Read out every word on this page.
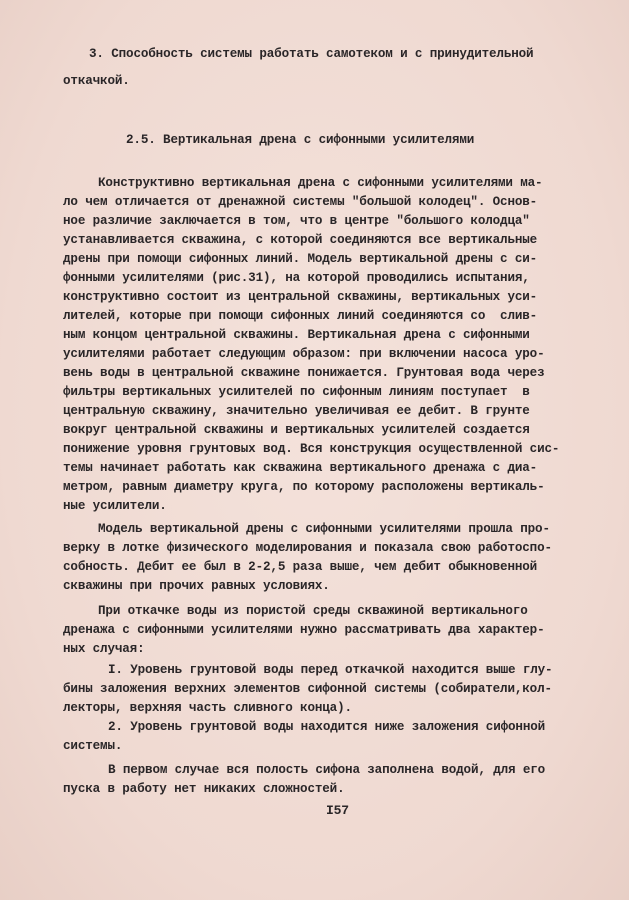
3. Способность системы работать самотеком и с принудительной
откачкой.
2.5. Вертикальная дрена с сифонными усилителями
Конструктивно вертикальная дрена с сифонными усилителями ма-
ло чем отличается от дренажной системы "большой колодец". Основ-
ное различие заключается в том, что в центре "большого колодца"
устанавливается скважина, с которой соединяются все вертикальные
дрены при помощи сифонных линий. Модель вертикальной дрены с си-
фонными усилителями (рис.31), на которой проводились испытания,
конструктивно состоит из центральной скважины, вертикальных уси-
лителей, которые при помощи сифонных линий соединяются со  слив-
ным концом центральной скважины. Вертикальная дрена с сифонными
усилителями работает следующим образом: при включении насоса уро-
вень воды в центральной скважине понижается. Грунтовая вода через
фильтры вертикальных усилителей по сифонным линиям поступает  в
центральную скважину, значительно увеличивая ее дебит. В грунте
вокруг центральной скважины и вертикальных усилителей создается
понижение уровня грунтовых вод. Вся конструкция осуществленной сис-
темы начинает работать как скважина вертикального дренажа с диа-
метром, равным диаметру круга, по которому расположены вертикаль-
ные усилители.
Модель вертикальной дрены с сифонными усилителями прошла про-
верку в лотке физического моделирования и показала свою работоспо-
собность. Дебит ее был в 2-2,5 раза выше, чем дебит обыкновенной
скважины при прочих равных условиях.
При откачке воды из пористой среды скважиной вертикального
дренажа с сифонными усилителями нужно рассматривать два характер-
ных случая:
I. Уровень грунтовой воды перед откачкой находится выше глу-
бины заложения верхних элементов сифонной системы (собиратели,кол-
лекторы, верхняя часть сливного конца).
2. Уровень грунтовой воды находится ниже заложения сифонной
системы.
В первом случае вся полость сифона заполнена водой, для его
пуска в работу нет никаких сложностей.
I57
